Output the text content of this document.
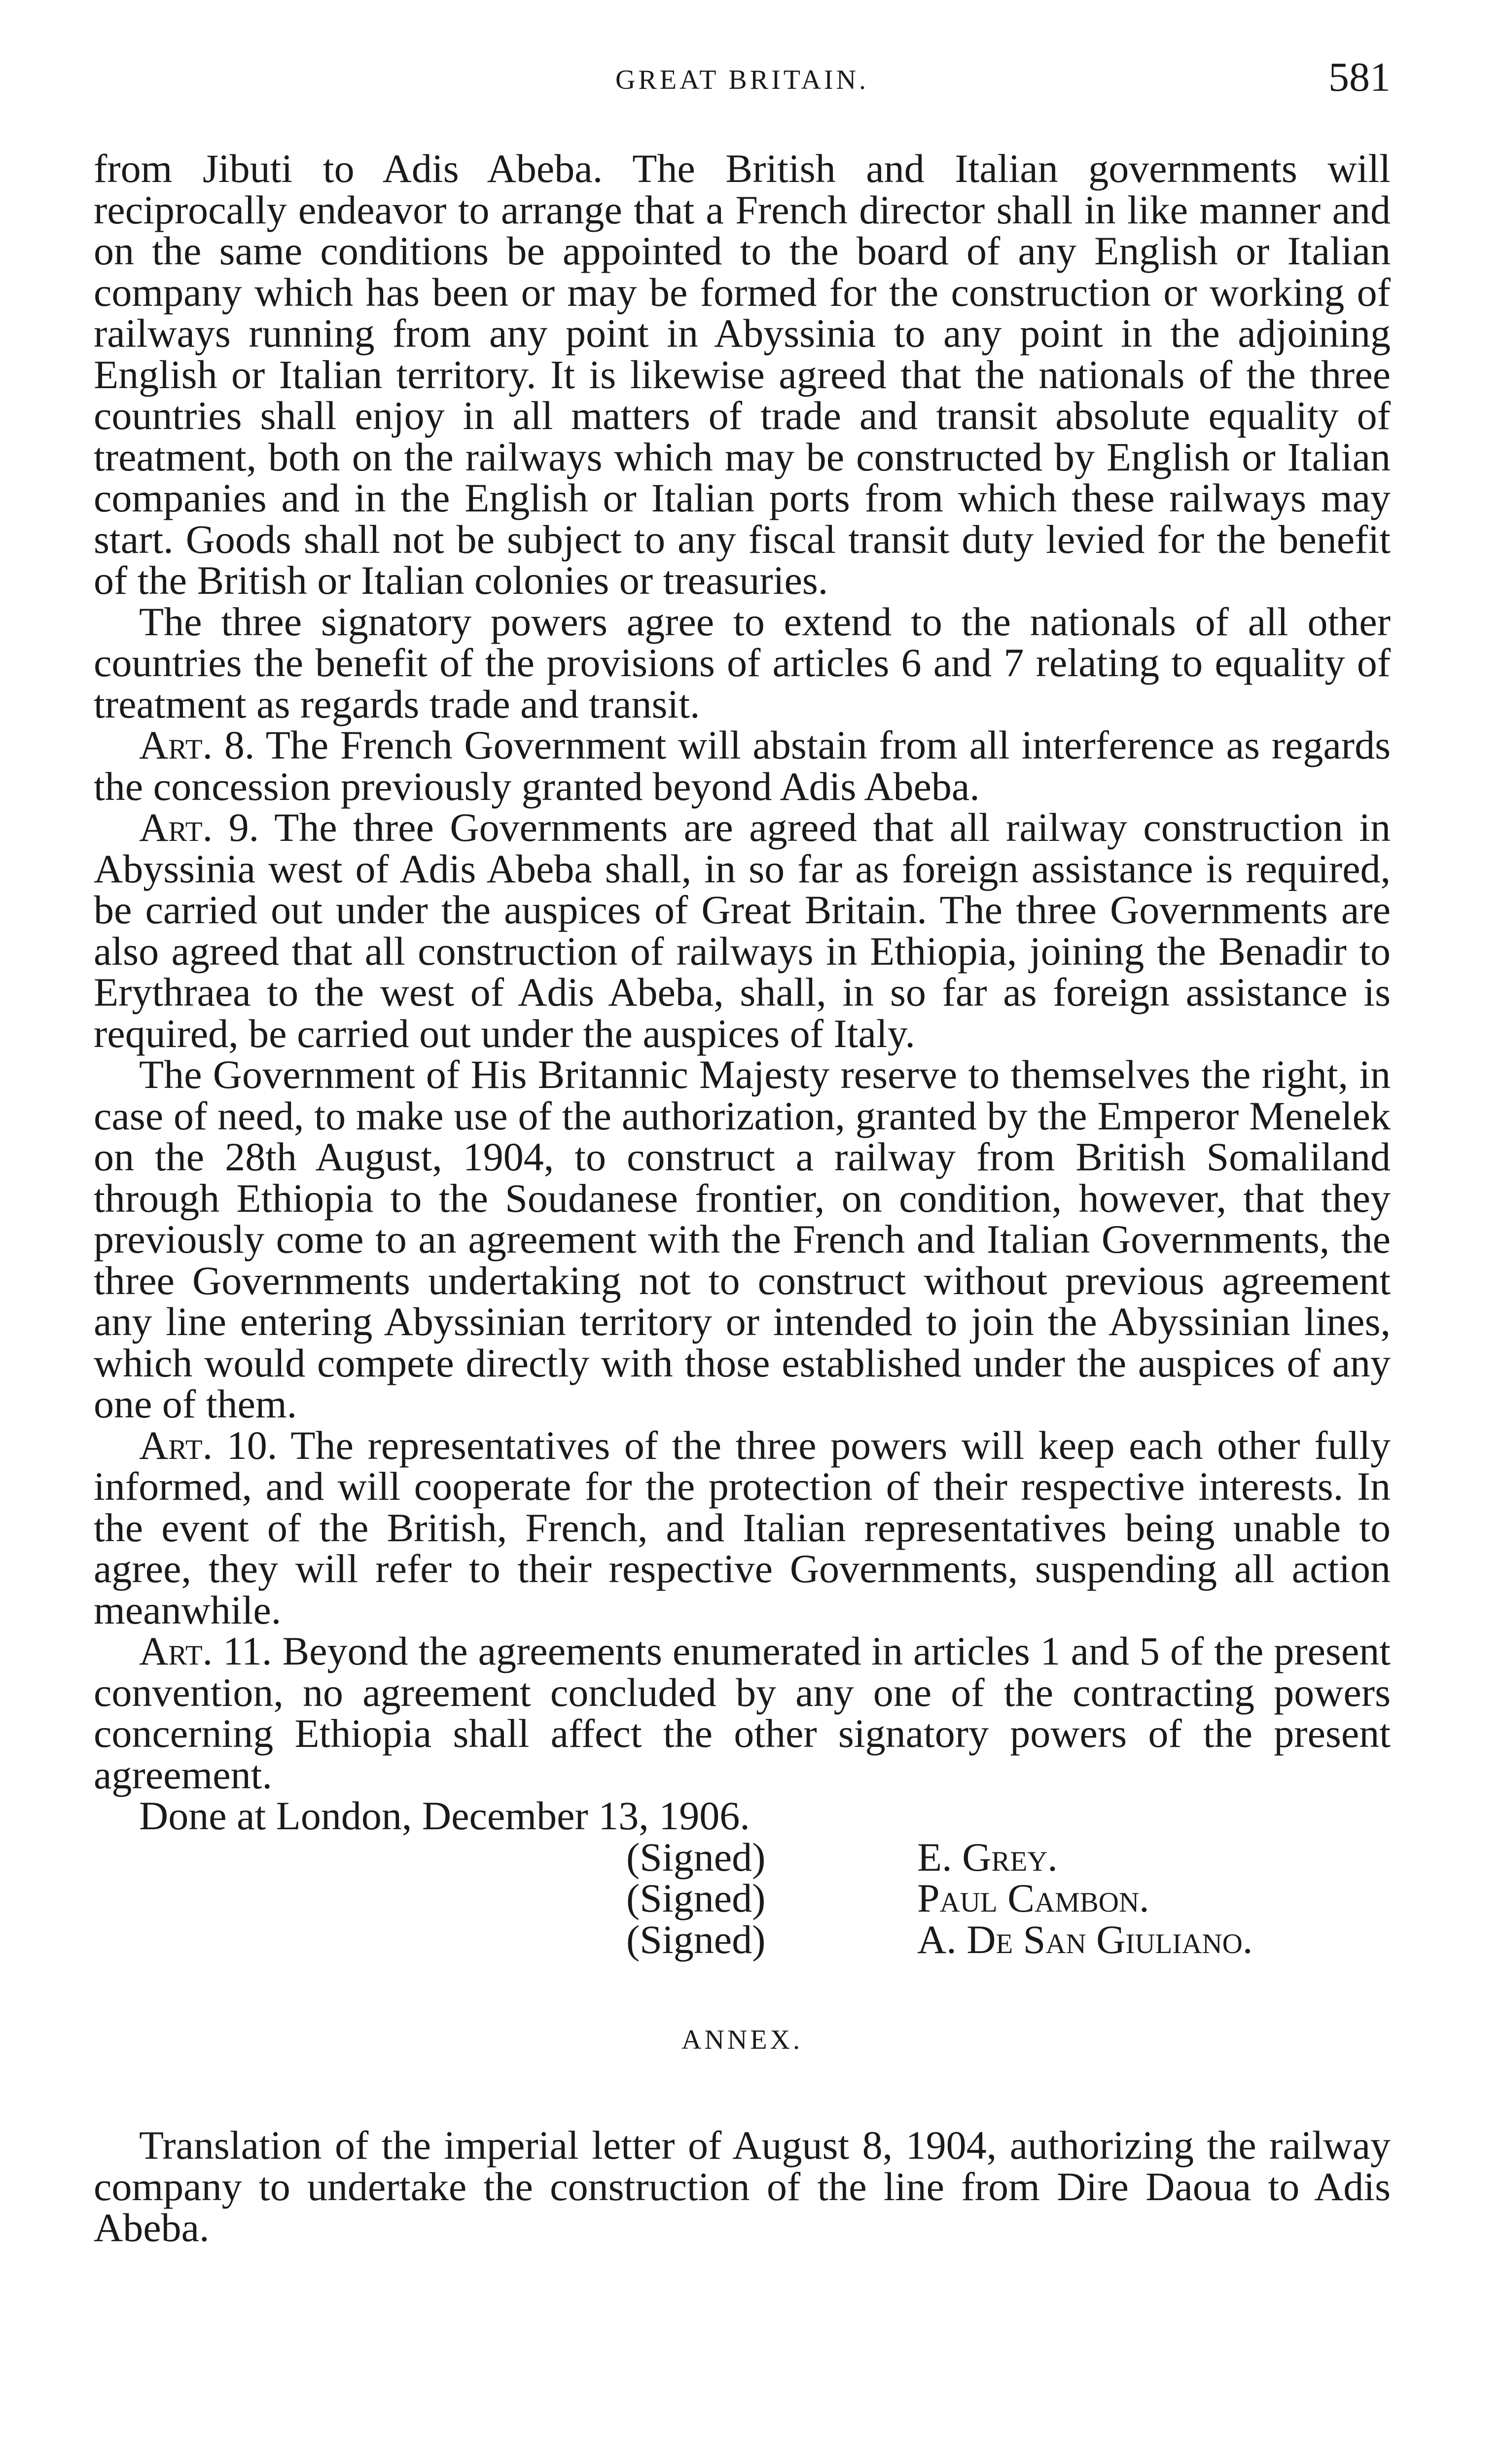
GREAT BRITAIN.	581

from Jibuti to Adis Abeba. The British and Italian governments will reciprocally endeavor to arrange that a French director shall in like manner and on the same conditions be appointed to the board of any English or Italian company which has been or may be formed for the construction or working of railways running from any point in Abyssinia to any point in the adjoining English or Italian territory. It is likewise agreed that the nationals of the three countries shall enjoy in all matters of trade and transit absolute equality of treatment, both on the railways which may be constructed by English or Italian companies and in the English or Italian ports from which these railways may start. Goods shall not be subject to any fiscal transit duty levied for the benefit of the British or Italian colonies or treasuries.

The three signatory powers agree to extend to the nationals of all other countries the benefit of the provisions of articles 6 and 7 relating to equality of treatment as regards trade and transit.

Art. 8. The French Government will abstain from all interference as regards the concession previously granted beyond Adis Abeba.

Art. 9. The three Governments are agreed that all railway construction in Abyssinia west of Adis Abeba shall, in so far as foreign assistance is required, be carried out under the auspices of Great Britain. The three Governments are also agreed that all construction of railways in Ethiopia, joining the Benadir to Erythraea to the west of Adis Abeba, shall, in so far as foreign assistance is required, be carried out under the auspices of Italy.

The Government of His Britannic Majesty reserve to themselves the right, in case of need, to make use of the authorization, granted by the Emperor Menelek on the 28th August, 1904, to construct a railway from British Somaliland through Ethiopia to the Soudanese frontier, on condition, however, that they previously come to an agreement with the French and Italian Governments, the three Governments undertaking not to construct without previous agreement any line entering Abyssinian territory or intended to join the Abyssinian lines, which would compete directly with those established under the auspices of any one of them.

Art. 10. The representatives of the three powers will keep each other fully informed, and will cooperate for the protection of their respective interests. In the event of the British, French, and Italian representatives being unable to agree, they will refer to their respective Governments, suspending all action meanwhile.

Art. 11. Beyond the agreements enumerated in articles 1 and 5 of the present convention, no agreement concluded by any one of the contracting powers concerning Ethiopia shall affect the other signatory powers of the present agreement.

Done at London, December 13, 1906.

(Signed)	E. Grey.
(Signed)	Paul Cambon.
(Signed)	A. De San Giuliano.
ANNEX.

Translation of the imperial letter of August 8, 1904, authorizing the railway company to undertake the construction of the line from Dire Daoua to Adis Abeba.
